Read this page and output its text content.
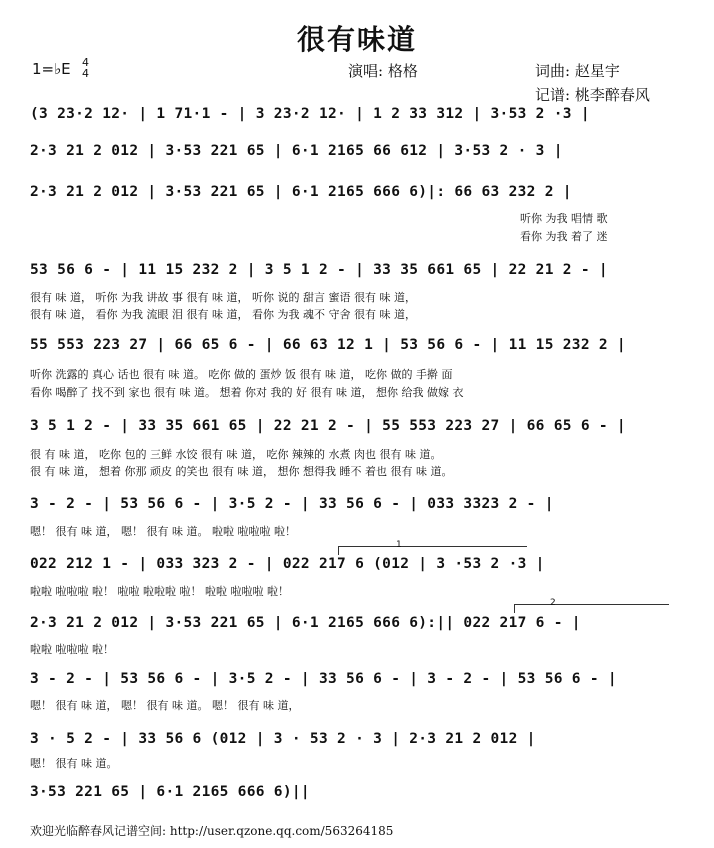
很有味道
1=♭E 4
4	演唱: 格格	词曲: 赵星宇
记谱: 桃李醉春风
(3 23·2 12· | 1 71·1 - | 3 23·2 12· | 1 2 33 312 | 3·53 2 ·3 |
2·3 21 2 012 | 3·53 221 65 | 6·1 2165 66 612 | 3·53 2 · 3 |
2·3 21 2 012 | 3·53 221 65 | 6·1 2165 666 6)|: 66 63 232 2 |
听你 为我 唱情 歌
看你 为我 着了 迷
53 56 6 - | 11 15 232 2 | 3 5 1 2 - | 33 35 661 65 | 22 21 2 - |
很有 味 道， 听你 为我 讲故 事 很有 味 道， 听你 说的 甜言 蜜语 很有 味 道，
很有 味 道， 看你 为我 流眼 泪 很有 味 道， 看你 为我 魂不 守舍 很有 味 道，
55 553 223 27 | 66 65 6 - | 66 63 12 1 | 53 56 6 - | 11 15 232 2 |
听你 洗露的 真心 话也 很有 味 道。 吃你 做的 蛋炒 饭 很有 味 道， 吃你 做的 手擀 面
看你 喝醉了 找不到 家也 很有 味 道。 想着 你对 我的 好 很有 味 道， 想你 给我 做嫁 衣
3 5 1 2 - | 33 35 661 65 | 22 21 2 - | 55 553 223 27 | 66 65 6 - |
很 有 味 道， 吃你 包的 三鲜 水饺 很有 味 道， 吃你 辣辣的 水煮 肉也 很有 味 道。
很 有 味 道， 想着 你那 顽皮 的笑也 很有 味 道， 想你 想得我 睡不 着也 很有 味 道。
3 - 2 - | 53 56 6 - | 3·5 2 - | 33 56 6 - | 033 3323 2 - |
嗯！ 很有 味 道， 嗯！ 很有 味 道。 啦啦 啦啦啦 啦！
1
022 212 1 - | 033 323 2 - | 022 217 6 (012 | 3 ·53 2 ·3 |
啦啦 啦啦啦 啦！ 啦啦 啦啦啦 啦！ 啦啦 啦啦啦 啦！
2
2·3 21 2 012 | 3·53 221 65 | 6·1 2165 666 6):|| 022 217 6 - |
啦啦 啦啦啦 啦！
3 - 2 - | 53 56 6 - | 3·5 2 - | 33 56 6 - | 3 - 2 - | 53 56 6 - |
嗯！ 很有 味 道， 嗯！ 很有 味 道。 嗯！ 很有 味 道，
3 · 5 2 - | 33 56 6 (012 | 3 · 53 2 · 3 | 2·3 21 2 012 |
嗯！ 很有 味 道。
3·53 221 65 | 6·1 2165 666 6)||
欢迎光临醉春风记谱空间: http://user.qzone.qq.com/563264185
